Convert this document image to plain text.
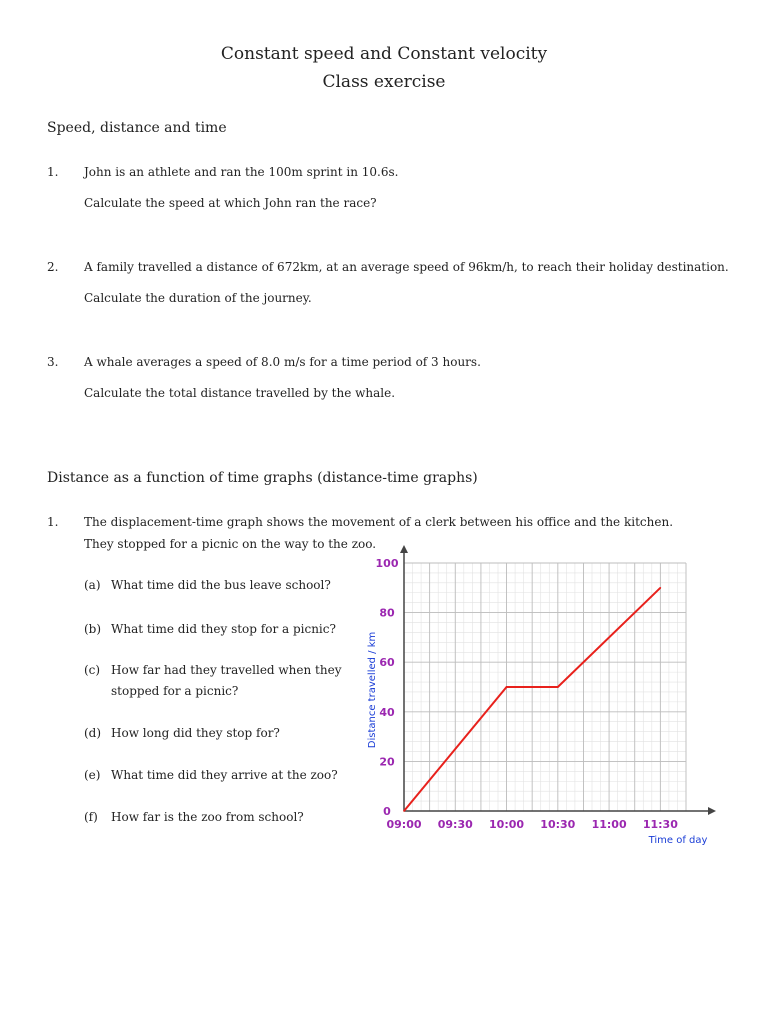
Constant speed and Constant velocity
Class exercise
Speed, distance and time
1. John is an athlete and ran the 100m sprint in 10.6s.
Calculate the speed at which John ran the race?
2. A family travelled a distance of 672km, at an average speed of 96km/h, to reach their holiday destination.
Calculate the duration of the journey.
3. A whale averages a speed of 8.0 m/s for a time period of 3 hours.
Calculate the total distance travelled by the whale.
Distance as a function of time graphs (distance-time graphs)
1. The displacement-time graph shows the movement of a clerk between his office and the kitchen.
They stopped for a picnic on the way to the zoo.
(a) What time did the bus leave school?
(b) What time did they stop for a picnic?
(c) How far had they travelled when they
stopped for a picnic?
(d) How long did they stop for?
(e) What time did they arrive at the zoo?
(f) How far is the zoo from school?
09:00 09:30 10:00 10:30 11:00 11:30
0
20
40
60
80
100
Distance travelled / km
Time of day
